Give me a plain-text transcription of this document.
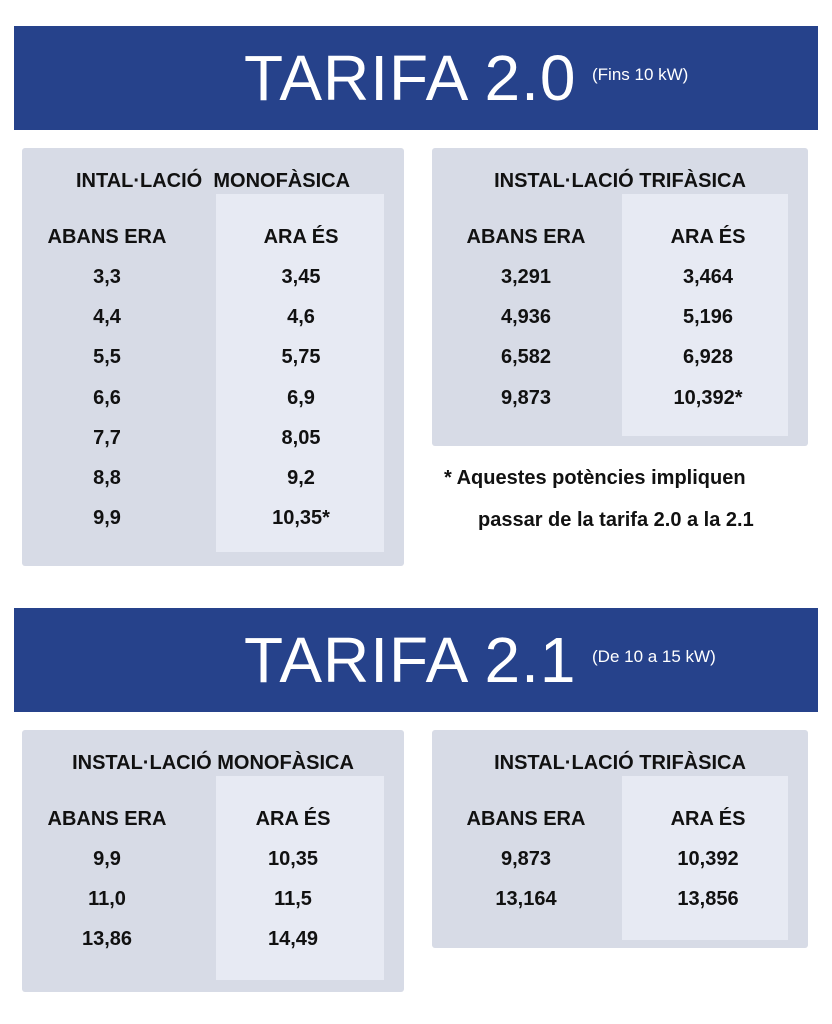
TARIFA 2.0 (Fins 10 kW)
INTAL·LACIÓ  MONOFÀSICA
ABANS ERA
3,3
4,4
5,5
6,6
7,7
8,8
9,9
ARA ÉS
3,45
4,6
5,75
6,9
8,05
9,2
10,35*
INSTAL·LACIÓ TRIFÀSICA
ABANS ERA
3,291
4,936
6,582
9,873
ARA ÉS
3,464
5,196
6,928
10,392*
* Aquestes potències impliquen
passar de la tarifa 2.0 a la 2.1
TARIFA 2.1 (De 10 a 15 kW)
INSTAL·LACIÓ MONOFÀSICA
ABANS ERA
9,9
11,0
13,86
ARA ÉS
10,35
11,5
14,49
INSTAL·LACIÓ TRIFÀSICA
ABANS ERA
9,873
13,164
ARA ÉS
10,392
13,856
